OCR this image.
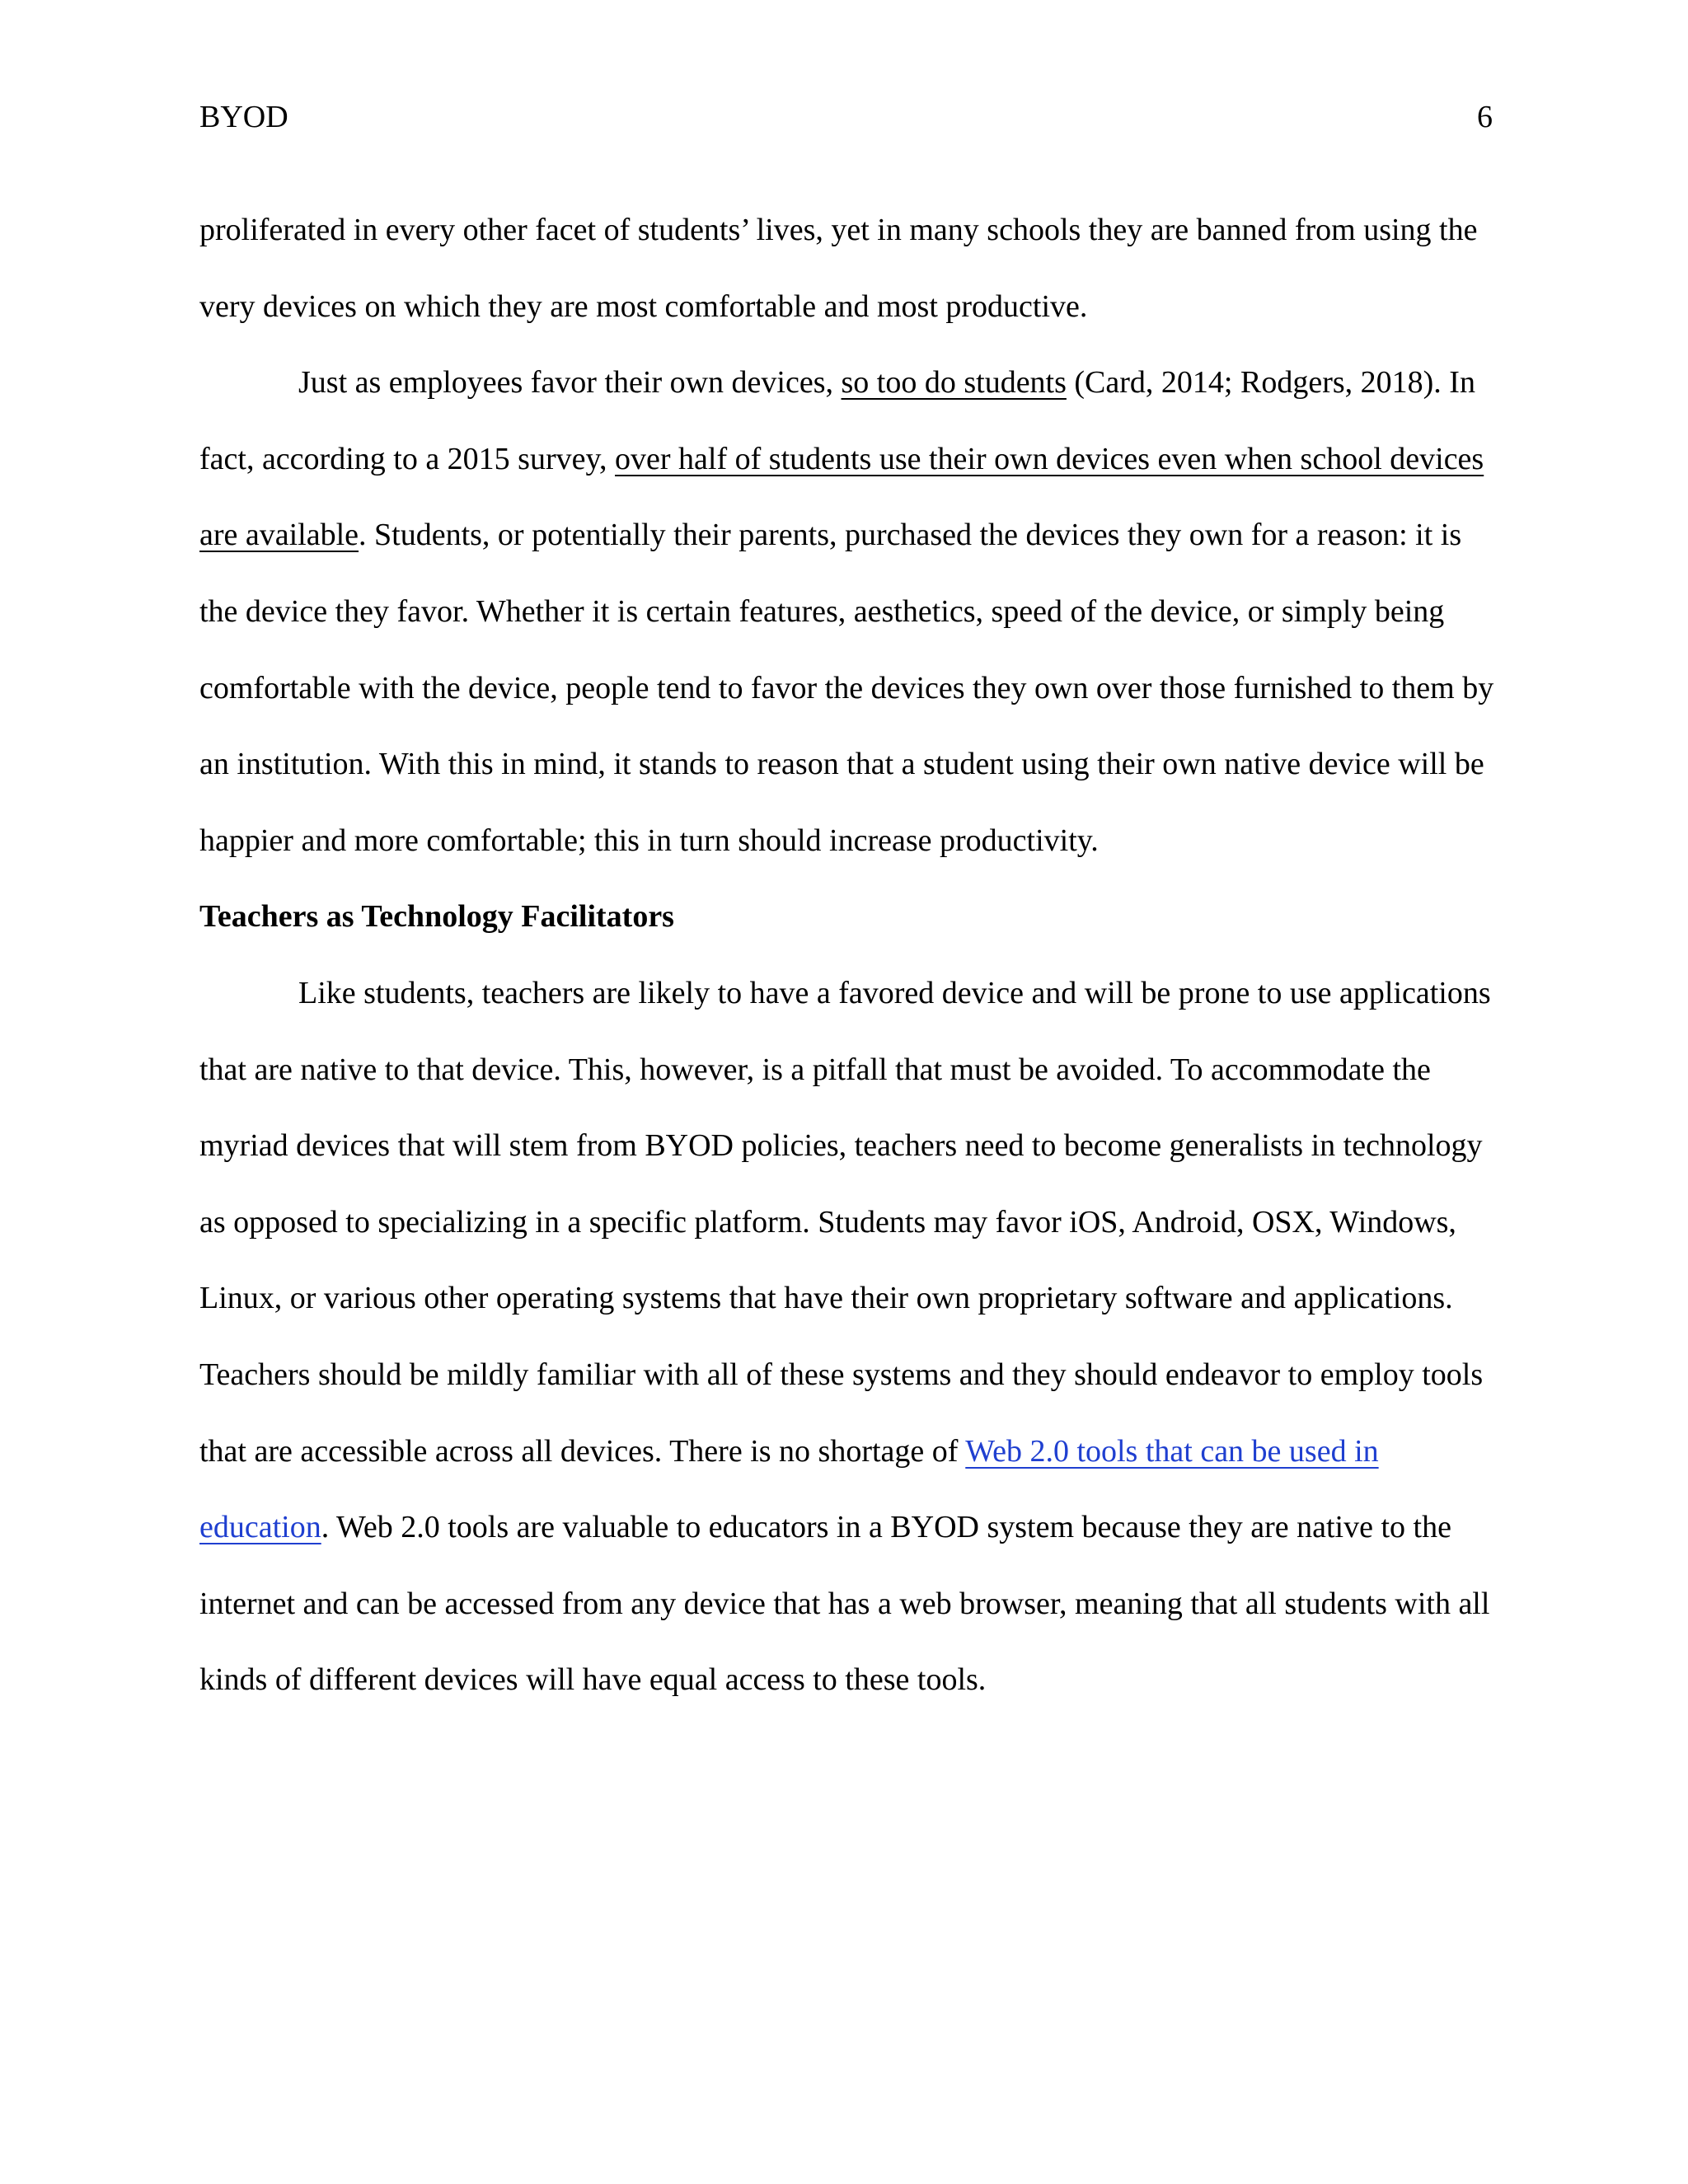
BYOD	6

proliferated in every other facet of students’ lives, yet in many schools they are banned from using the very devices on which they are most comfortable and most productive.

Just as employees favor their own devices, so too do students (Card, 2014; Rodgers, 2018). In fact, according to a 2015 survey, over half of students use their own devices even when school devices are available. Students, or potentially their parents, purchased the devices they own for a reason: it is the device they favor. Whether it is certain features, aesthetics, speed of the device, or simply being comfortable with the device, people tend to favor the devices they own over those furnished to them by an institution. With this in mind, it stands to reason that a student using their own native device will be happier and more comfortable; this in turn should increase productivity.

Teachers as Technology Facilitators

Like students, teachers are likely to have a favored device and will be prone to use applications that are native to that device. This, however, is a pitfall that must be avoided. To accommodate the myriad devices that will stem from BYOD policies, teachers need to become generalists in technology as opposed to specializing in a specific platform. Students may favor iOS, Android, OSX, Windows, Linux, or various other operating systems that have their own proprietary software and applications. Teachers should be mildly familiar with all of these systems and they should endeavor to employ tools that are accessible across all devices. There is no shortage of Web 2.0 tools that can be used in education. Web 2.0 tools are valuable to educators in a BYOD system because they are native to the internet and can be accessed from any device that has a web browser, meaning that all students with all kinds of different devices will have equal access to these tools.
